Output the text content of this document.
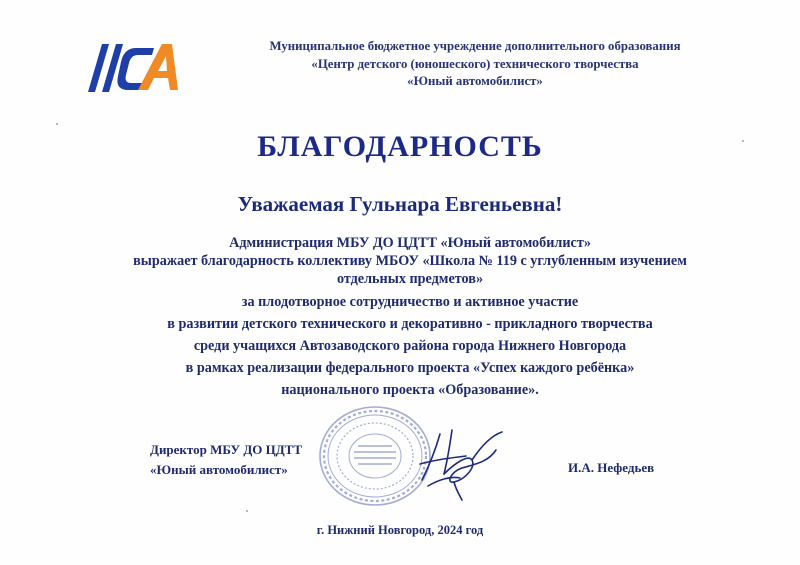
Муниципальное бюджетное учреждение дополнительного образования
«Центр детского (юношеского) технического творчества
«Юный автомобилист»
БЛАГОДАРНОСТЬ
Уважаемая Гульнара Евгеньевна!
Администрация МБУ ДО ЦДТТ «Юный автомобилист»
выражает благодарность коллективу МБОУ «Школа № 119 с углубленным изучением
отдельных предметов»
за плодотворное сотрудничество и активное участие
в развитии детского технического и декоративно - прикладного творчества
среди учащихся Автозаводского района города Нижнего Новгорода
в рамках реализации федерального проекта «Успех каждого ребёнка»
национального проекта «Образование».
Директор МБУ ДО ЦДТТ
«Юный автомобилист»	И.А. Нефедьев
г. Нижний Новгород, 2024 год
